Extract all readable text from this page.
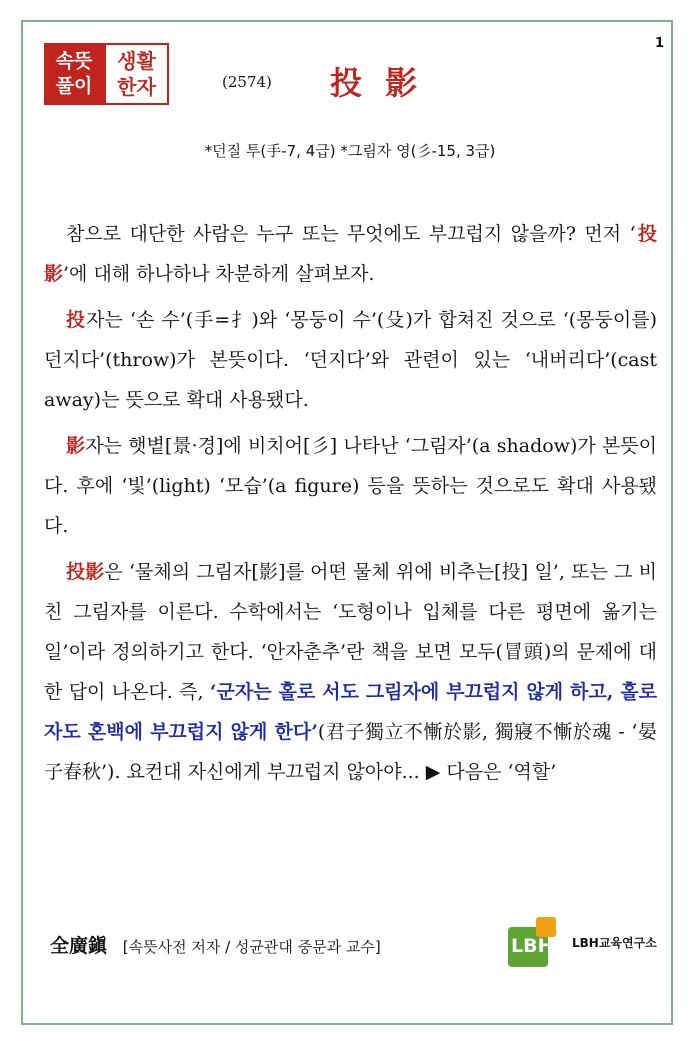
1
속뜻
풀이
생활
한자	(2574) 投 影
*던질 투(手-7, 4급) *그림자 영(彡-15, 3급)

참으로 대단한 사람은 누구 또는 무엇에도 부끄럽지 않을까? 먼저 ‘投影’에 대해 하나하나 차분하게 살펴보자.

投자는 ‘손 수’(手=扌)와 ‘몽둥이 수’(殳)가 합쳐진 것으로 ‘(몽둥이를) 던지다’(throw)가 본뜻이다. ‘던지다’와 관련이 있는 ‘내버리다’(cast away)는 뜻으로 확대 사용됐다.

影자는 햇볕[景·경]에 비치어[彡] 나타난 ‘그림자’(a shadow)가 본뜻이다. 후에 ‘빛’(light) ‘모습’(a figure) 등을 뜻하는 것으로도 확대 사용됐다.

投影은 ‘물체의 그림자[影]를 어떤 물체 위에 비추는[投] 일’, 또는 그 비친 그림자를 이른다. 수학에서는 ‘도형이나 입체를 다른 평면에 옮기는 일’이라 정의하기고 한다. ‘안자춘추’란 책을 보면 모두(冒頭)의 문제에 대한 답이 나온다. 즉, ‘군자는 홀로 서도 그림자에 부끄럽지 않게 하고, 홀로 자도 혼백에 부끄럽지 않게 한다’(君子獨立不慚於影, 獨寢不慚於魂 - ‘晏子春秋’). 요컨대 자신에게 부끄럽지 않아야... ▶ 다음은 ‘역할’

全廣鎭 [속뜻사전 저자 / 성균관대 중문과 교수]	LBH LBH교육연구소
